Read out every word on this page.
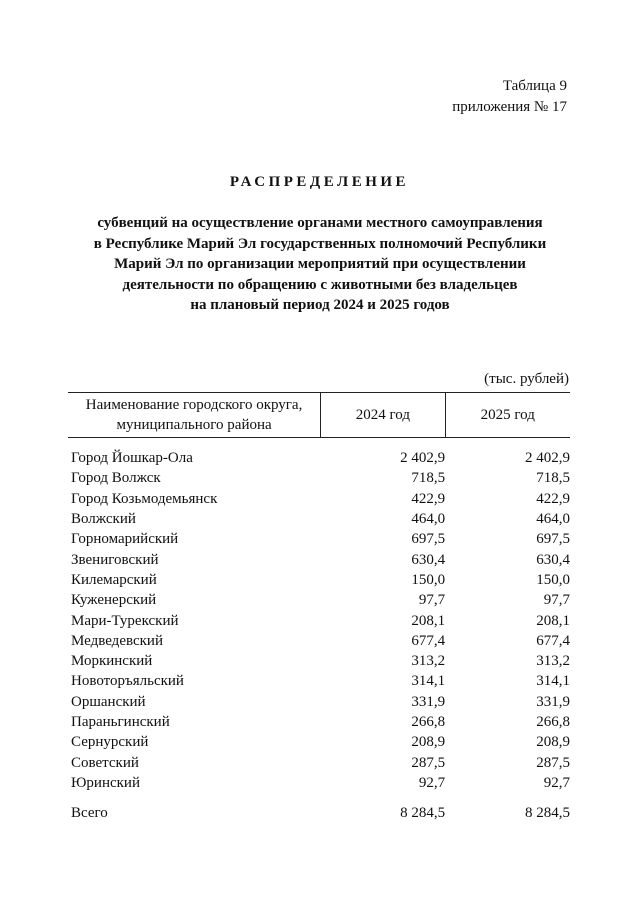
Таблица 9
приложения № 17
РАСПРЕДЕЛЕНИЕ
субвенций на осуществление органами местного самоуправления
в Республике Марий Эл государственных полномочий Республики
Марий Эл по организации мероприятий при осуществлении
деятельности по обращению с животными без владельцев
на плановый период 2024 и 2025 годов
(тыс. рублей)
Наименование городского округа,
муниципального района	2024 год	2025 год

Город Йошкар-Ола	2 402,9	2 402,9
Город Волжск	718,5	718,5
Город Козьмодемьянск	422,9	422,9
Волжский	464,0	464,0
Горномарийский	697,5	697,5
Звениговский	630,4	630,4
Килемарский	150,0	150,0
Куженерский	97,7	97,7
Мари-Турекский	208,1	208,1
Медведевский	677,4	677,4
Моркинский	313,2	313,2
Новоторъяльский	314,1	314,1
Оршанский	331,9	331,9
Параньгинский	266,8	266,8
Сернурский	208,9	208,9
Советский	287,5	287,5
Юринский	92,7	92,7

Всего	8 284,5	8 284,5
